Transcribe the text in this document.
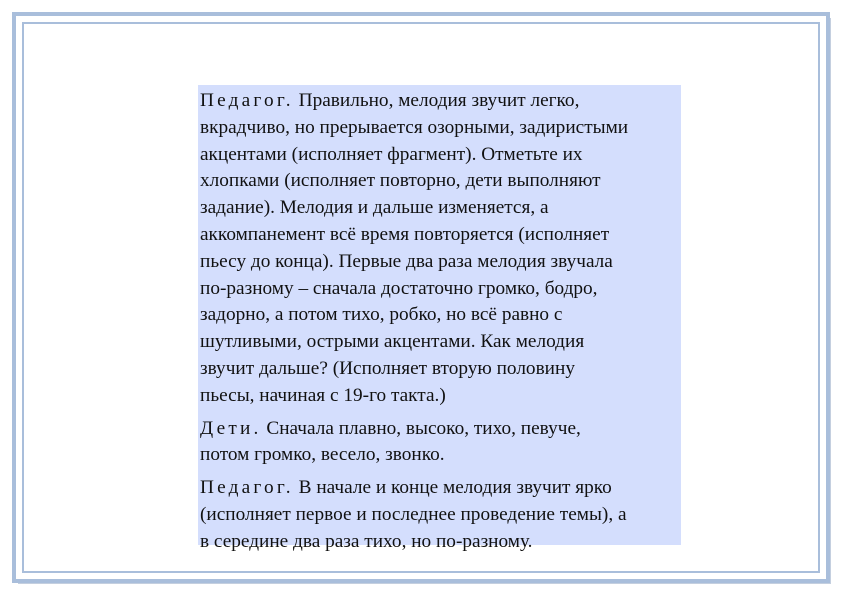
Педагог. Правильно, мелодия звучит легко,
вкрадчиво, но прерывается озорными, задиристыми
акцентами (исполняет фрагмент). Отметьте их
хлопками (исполняет повторно, дети выполняют
задание). Мелодия и дальше изменяется, а
аккомпанемент всё время повторяется (исполняет
пьесу до конца). Первые два раза мелодия звучала
по-разному – сначала достаточно громко, бодро,
задорно, а потом тихо, робко, но всё равно с
шутливыми, острыми акцентами. Как мелодия
звучит дальше? (Исполняет вторую половину
пьесы, начиная с 19-го такта.)

Дети. Сначала плавно, высоко, тихо, певуче,
потом громко, весело, звонко.

Педагог. В начале и конце мелодия звучит ярко
(исполняет первое и последнее проведение темы), а
в середине два раза тихо, но по-разному.
